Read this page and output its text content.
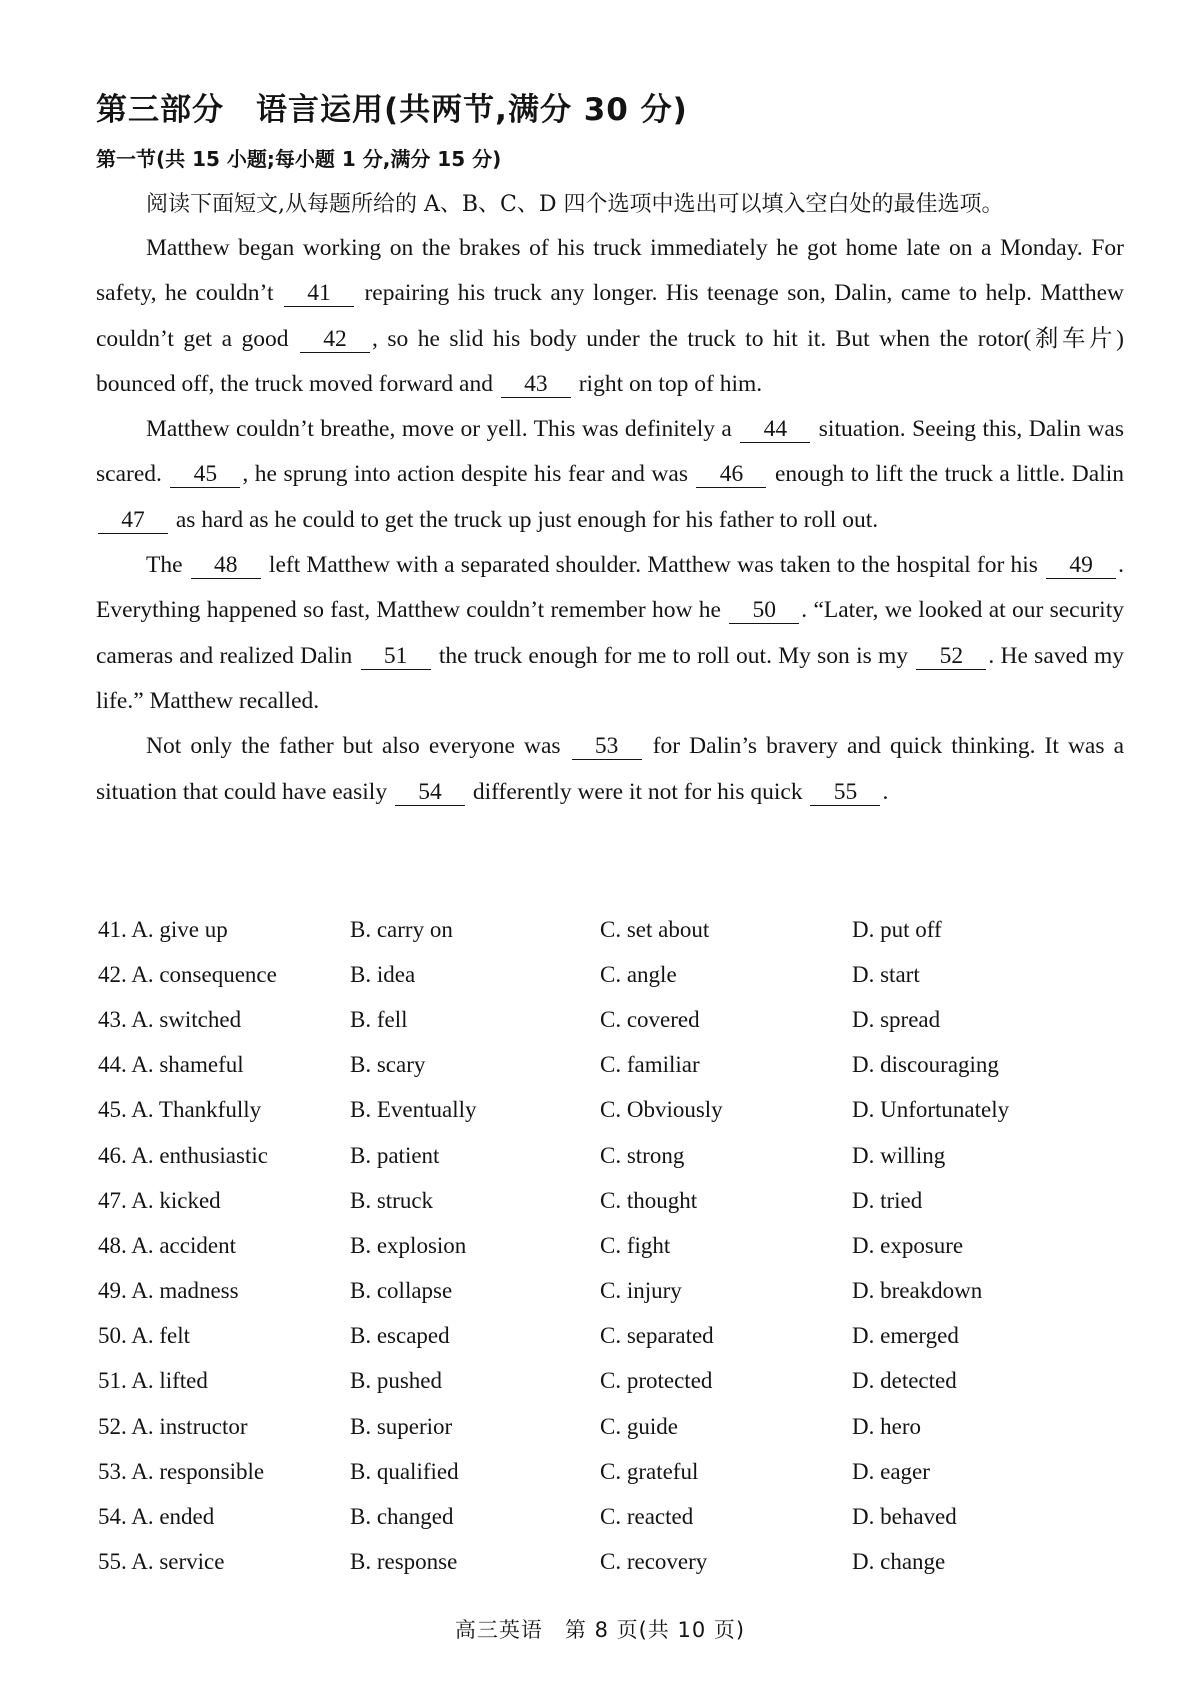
第三部分　语言运用(共两节,满分 30 分)
第一节(共 15 小题;每小题 1 分,满分 15 分)
阅读下面短文,从每题所给的 A、B、C、D 四个选项中选出可以填入空白处的最佳选项。

Matthew began working on the brakes of his truck immediately he got home late on a Monday. For safety, he couldn’t 41 repairing his truck any longer. His teenage son, Dalin, came to help. Matthew couldn’t get a good 42 , so he slid his body under the truck to hit it. But when the rotor(刹车片) bounced off, the truck moved forward and 43 right on top of him.

Matthew couldn’t breathe, move or yell. This was definitely a 44 situation. Seeing this, Dalin was scared. 45 , he sprung into action despite his fear and was 46 enough to lift the truck a little. Dalin 47 as hard as he could to get the truck up just enough for his father to roll out.

The 48 left Matthew with a separated shoulder. Matthew was taken to the hospital for his 49 . Everything happened so fast, Matthew couldn’t remember how he 50 . “Later, we looked at our security cameras and realized Dalin 51 the truck enough for me to roll out. My son is my 52 . He saved my life.” Matthew recalled.

Not only the father but also everyone was 53 for Dalin’s bravery and quick thinking. It was a situation that could have easily 54 differently were it not for his quick 55 .

41. A. give up	B. carry on	C. set about	D. put off
42. A. consequence	B. idea	C. angle	D. start
43. A. switched	B. fell	C. covered	D. spread
44. A. shameful	B. scary	C. familiar	D. discouraging
45. A. Thankfully	B. Eventually	C. Obviously	D. Unfortunately
46. A. enthusiastic	B. patient	C. strong	D. willing
47. A. kicked	B. struck	C. thought	D. tried
48. A. accident	B. explosion	C. fight	D. exposure
49. A. madness	B. collapse	C. injury	D. breakdown
50. A. felt	B. escaped	C. separated	D. emerged
51. A. lifted	B. pushed	C. protected	D. detected
52. A. instructor	B. superior	C. guide	D. hero
53. A. responsible	B. qualified	C. grateful	D. eager
54. A. ended	B. changed	C. reacted	D. behaved
55. A. service	B. response	C. recovery	D. change
高三英语　第 8 页(共 10 页)
